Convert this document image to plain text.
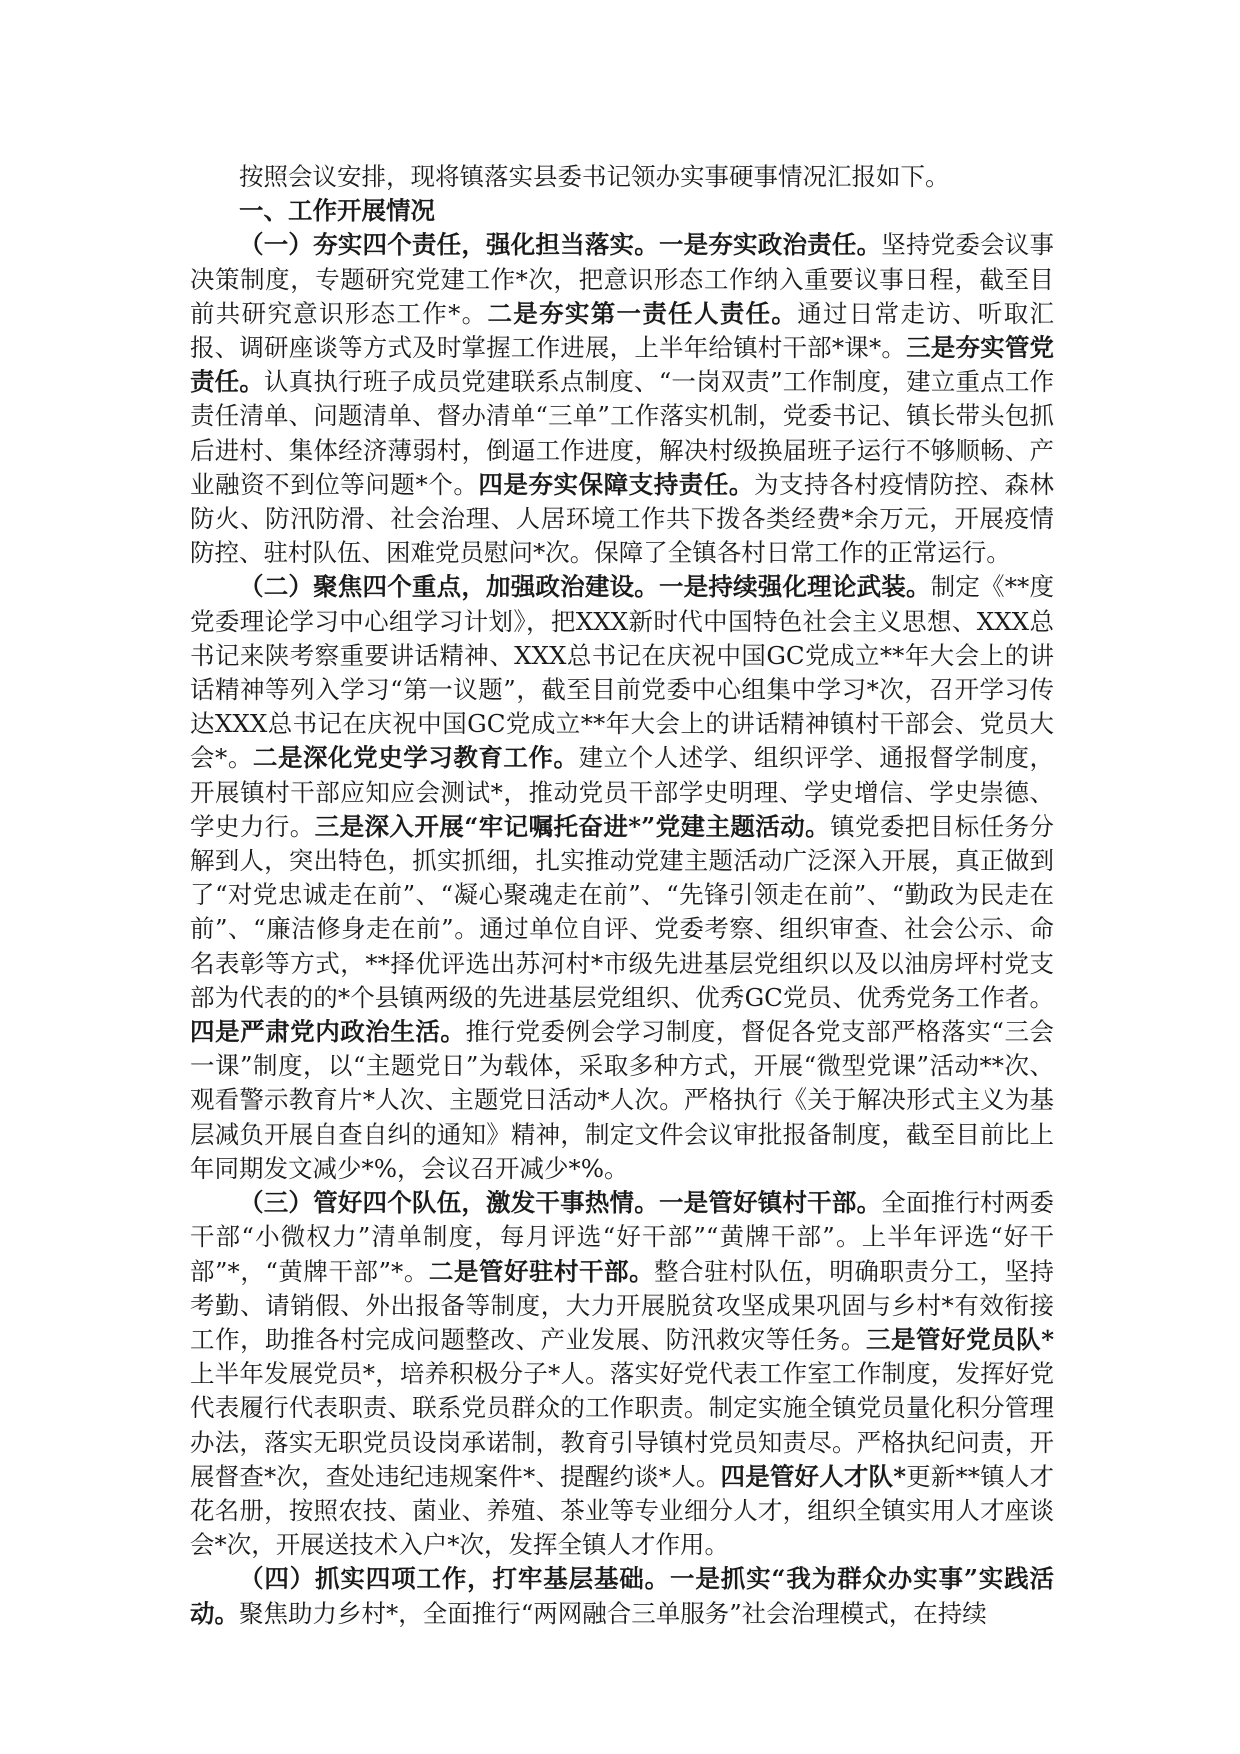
按照会议安排，现将镇落实县委书记领办实事硬事情况汇报如下。

一、工作开展情况

（一）夯实四个责任，强化担当落实。一是夯实政治责任。坚持党委会议事决策制度，专题研究党建工作*次，把意识形态工作纳入重要议事日程，截至目前共研究意识形态工作*。二是夯实第一责任人责任。通过日常走访、听取汇报、调研座谈等方式及时掌握工作进展，上半年给镇村干部*课*。三是夯实管党责任。认真执行班子成员党建联系点制度、“一岗双责”工作制度，建立重点工作责任清单、问题清单、督办清单“三单”工作落实机制，党委书记、镇长带头包抓后进村、集体经济薄弱村，倒逼工作进度，解决村级换届班子运行不够顺畅、产业融资不到位等问题*个。四是夯实保障支持责任。为支持各村疫情防控、森林防火、防汛防滑、社会治理、人居环境工作共下拨各类经费*余万元，开展疫情防控、驻村队伍、困难党员慰问*次。保障了全镇各村日常工作的正常运行。

（二）聚焦四个重点，加强政治建设。一是持续强化理论武装。制定《**度党委理论学习中心组学习计划》，把XXX新时代中国特色社会主义思想、XXX总书记来陕考察重要讲话精神、XXX总书记在庆祝中国GC党成立**年大会上的讲话精神等列入学习“第一议题”，截至目前党委中心组集中学习*次，召开学习传达XXX总书记在庆祝中国GC党成立**年大会上的讲话精神镇村干部会、党员大会*。二是深化党史学习教育工作。建立个人述学、组织评学、通报督学制度，开展镇村干部应知应会测试*，推动党员干部学史明理、学史增信、学史崇德、学史力行。三是深入开展“牢记嘱托奋进*”党建主题活动。镇党委把目标任务分解到人，突出特色，抓实抓细，扎实推动党建主题活动广泛深入开展，真正做到了“对党忠诚走在前”、“凝心聚魂走在前”、“先锋引领走在前”、“勤政为民走在前”、“廉洁修身走在前”。通过单位自评、党委考察、组织审查、社会公示、命名表彰等方式，**择优评选出苏河村*市级先进基层党组织以及以油房坪村党支部为代表的的*个县镇两级的先进基层党组织、优秀GC党员、优秀党务工作者。四是严肃党内政治生活。推行党委例会学习制度，督促各党支部严格落实“三会一课”制度，以“主题党日”为载体，采取多种方式，开展“微型党课”活动**次、观看警示教育片*人次、主题党日活动*人次。严格执行《关于解决形式主义为基层减负开展自查自纠的通知》精神，制定文件会议审批报备制度，截至目前比上年同期发文减少*%，会议召开减少*%。

（三）管好四个队伍，激发干事热情。一是管好镇村干部。全面推行村两委干部“小微权力”清单制度，每月评选“好干部”“黄牌干部”。上半年评选“好干部”*，“黄牌干部”*。二是管好驻村干部。整合驻村队伍，明确职责分工，坚持考勤、请销假、外出报备等制度，大力开展脱贫攻坚成果巩固与乡村*有效衔接工作，助推各村完成问题整改、产业发展、防汛救灾等任务。三是管好党员队*上半年发展党员*，培养积极分子*人。落实好党代表工作室工作制度，发挥好党代表履行代表职责、联系党员群众的工作职责。制定实施全镇党员量化积分管理办法，落实无职党员设岗承诺制，教育引导镇村党员知责尽。严格执纪问责，开展督查*次，查处违纪违规案件*、提醒约谈*人。四是管好人才队*更新**镇人才花名册，按照农技、菌业、养殖、茶业等专业细分人才，组织全镇实用人才座谈会*次，开展送技术入户*次，发挥全镇人才作用。

（四）抓实四项工作，打牢基层基础。一是抓实“我为群众办实事”实践活动。聚焦助力乡村*，全面推行“两网融合三单服务”社会治理模式，在持续
